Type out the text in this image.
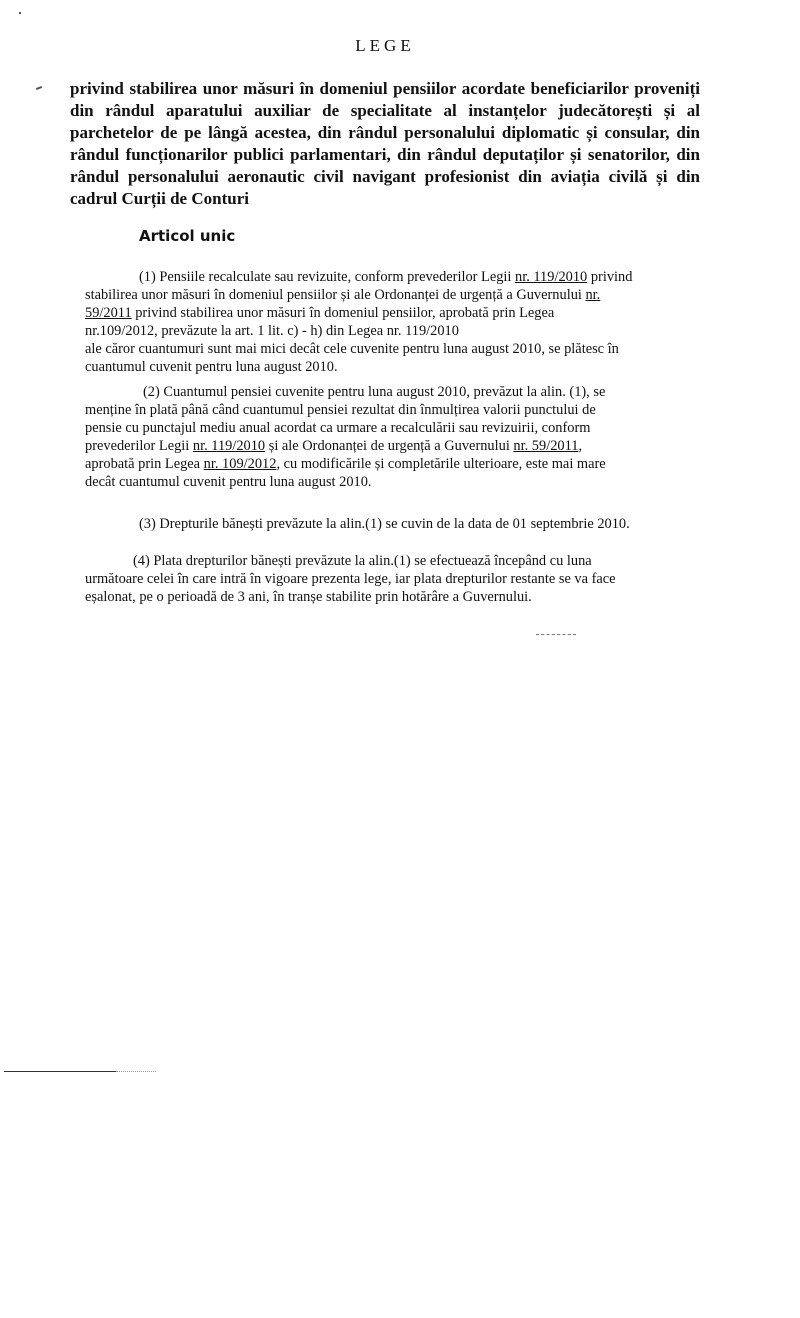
LEGE
privind stabilirea unor măsuri în domeniul pensiilor acordate beneficiarilor proveniți din rândul aparatului auxiliar de specialitate al instanțelor judecătorești și al parchetelor de pe lângă acestea, din rândul personalului diplomatic și consular, din rândul funcționarilor publici parlamentari, din rândul deputaților și senatorilor, din rândul personalului aeronautic civil navigant profesionist din aviația civilă și din cadrul Curții de Conturi
Articol unic
(1) Pensiile recalculate sau revizuite, conform prevederilor Legii nr. 119/2010 privind
stabilirea unor măsuri în domeniul pensiilor și ale Ordonanței de urgență a Guvernului nr.
59/2011 privind stabilirea unor măsuri în domeniul pensiilor, aprobată prin Legea
nr.109/2012, prevăzute la art. 1 lit. c) - h) din Legea nr. 119/2010
ale căror cuantumuri sunt mai mici decât cele cuvenite pentru luna august 2010, se plătesc în
cuantumul cuvenit pentru luna august 2010.
(2) Cuantumul pensiei cuvenite pentru luna august 2010, prevăzut la alin. (1), se
menține în plată până când cuantumul pensiei rezultat din înmulțirea valorii punctului de
pensie cu punctajul mediu anual acordat ca urmare a recalculării sau revizuirii, conform
prevederilor Legii nr. 119/2010 și ale Ordonanței de urgență a Guvernului nr. 59/2011,
aprobată prin Legea nr. 109/2012, cu modificările și completările ulterioare, este mai mare
decât cuantumul cuvenit pentru luna august 2010.
(3) Drepturile bănești prevăzute la alin.(1) se cuvin de la data de 01 septembrie 2010.
(4) Plata drepturilor bănești prevăzute la alin.(1) se efectuează începând cu luna
următoare celei în care intră în vigoare prezenta lege, iar plata drepturilor restante se va face
eșalonat, pe o perioadă de 3 ani, în tranșe stabilite prin hotărâre a Guvernului.
